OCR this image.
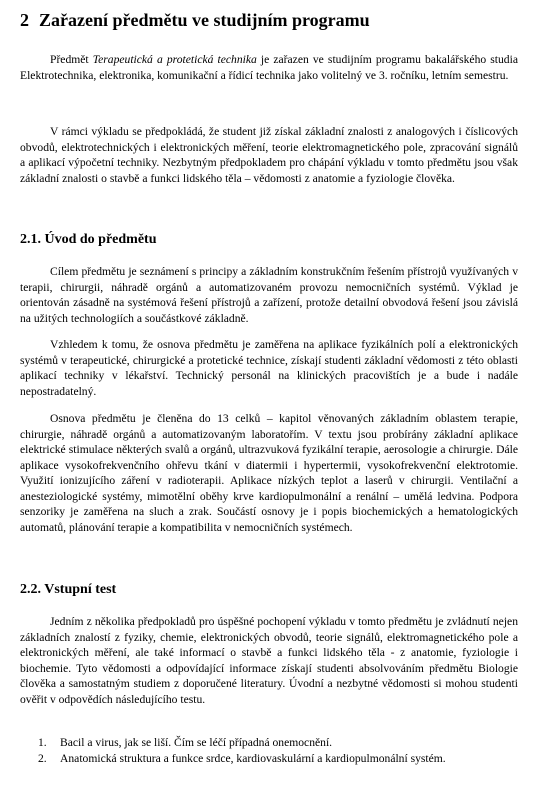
2 Zařazení předmětu ve studijním programu

Předmět Terapeutická a protetická technika je zařazen ve studijním programu bakalářského studia Elektrotechnika, elektronika, komunikační a řídicí technika jako volitelný ve 3. ročníku, letním semestru.

V rámci výkladu se předpokládá, že student již získal základní znalosti z analogových i číslicových obvodů, elektrotechnických i elektronických měření, teorie elektromagnetického pole, zpracování signálů a aplikací výpočetní techniky. Nezbytným předpokladem pro chápání výkladu v tomto předmětu jsou však základní znalosti o stavbě a funkci lidského těla – vědomosti z anatomie a fyziologie člověka.

2.1. Úvod do předmětu

Cílem předmětu je seznámení s principy a základním konstrukčním řešením přístrojů využívaných v terapii, chirurgii, náhradě orgánů a automatizovaném provozu nemocničních systémů. Výklad je orientován zásadně na systémová řešení přístrojů a zařízení, protože detailní obvodová řešení jsou závislá na užitých technologiích a součástkové základně.

Vzhledem k tomu, že osnova předmětu je zaměřena na aplikace fyzikálních polí a elektronických systémů v terapeutické, chirurgické a protetické technice, získají studenti základní vědomosti z této oblasti aplikací techniky v lékařství. Technický personál na klinických pracovištích je a bude i nadále nepostradatelný.

Osnova předmětu je členěna do 13 celků – kapitol věnovaných základním oblastem terapie, chirurgie, náhradě orgánů a automatizovaným laboratořím. V textu jsou probírány základní aplikace elektrické stimulace některých svalů a orgánů, ultrazvuková fyzikální terapie, aerosologie a chirurgie. Dále aplikace vysokofrekvenčního ohřevu tkání v diatermii i hypertermii, vysokofrekvenční elektrotomie. Využití ionizujícího záření v radioterapii. Aplikace nízkých teplot a laserů v chirurgii. Ventilační a anesteziologické systémy, mimotělní oběhy krve kardiopulmonální a renální – umělá ledvina. Podpora senzoriky je zaměřena na sluch a zrak. Součástí osnovy je i popis biochemických a hematologických automatů, plánování terapie a kompatibilita v nemocničních systémech.

2.2. Vstupní test

Jedním z několika předpokladů pro úspěšné pochopení výkladu v tomto předmětu je zvládnutí nejen základních znalostí z fyziky, chemie, elektronických obvodů, teorie signálů, elektromagnetického pole a elektronických měření, ale také informací o stavbě a funkci lidského těla - z anatomie, fyziologie i biochemie. Tyto vědomosti a odpovídající informace získají studenti absolvováním předmětu Biologie člověka a samostatným studiem z doporučené literatury. Úvodní a nezbytné vědomosti si mohou studenti ověřit v odpovědích následujícího testu.

1. Bacil a virus, jak se liší. Čím se léčí případná onemocnění.
2. Anatomická struktura a funkce srdce, kardiovaskulární a kardiopulmonální systém.
